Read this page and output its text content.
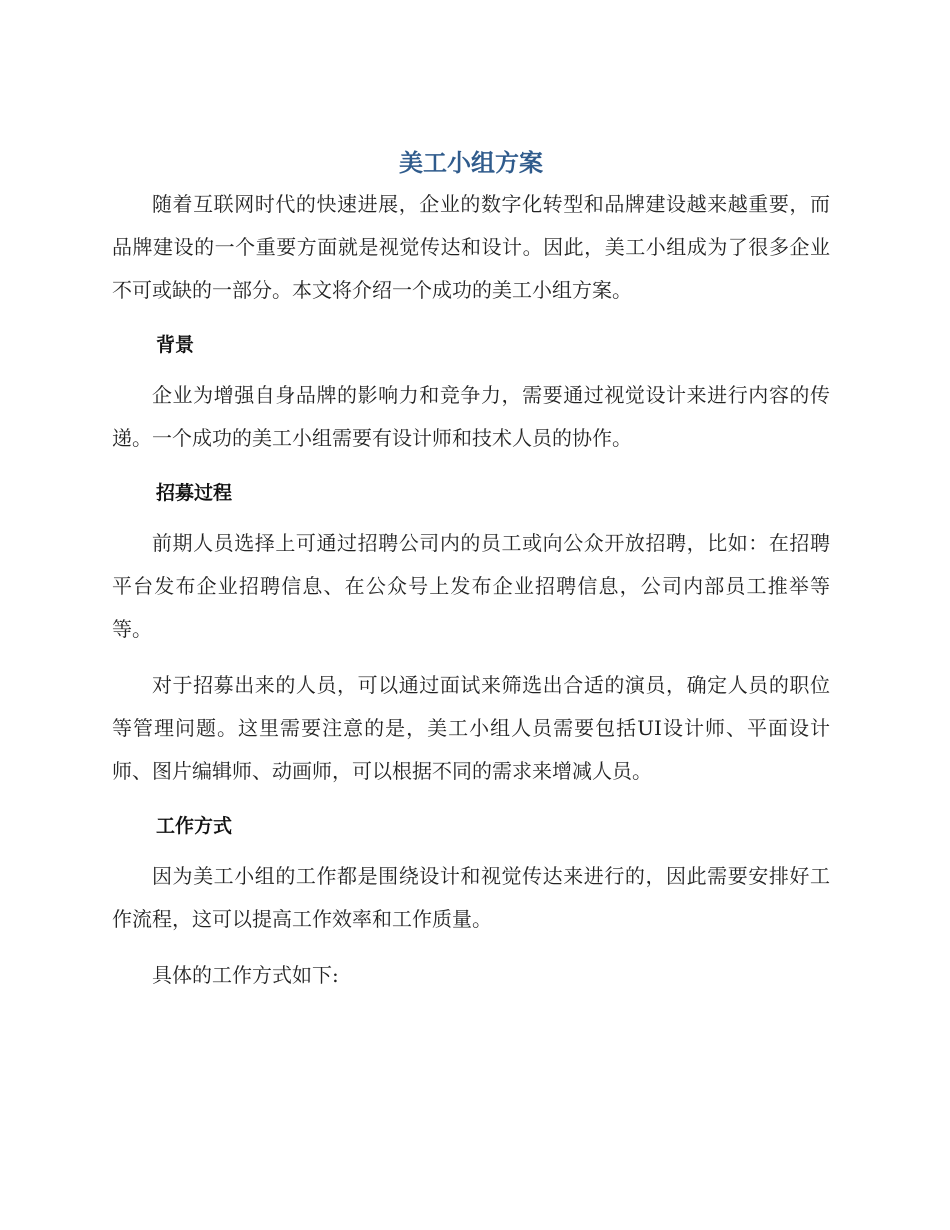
美工小组方案

随着互联网时代的快速进展，企业的数字化转型和品牌建设越来越重要，而品牌建设的一个重要方面就是视觉传达和设计。因此，美工小组成为了很多企业不可或缺的一部分。本文将介绍一个成功的美工小组方案。

背景

企业为增强自身品牌的影响力和竞争力，需要通过视觉设计来进行内容的传递。一个成功的美工小组需要有设计师和技术人员的协作。

招募过程

前期人员选择上可通过招聘公司内的员工或向公众开放招聘，比如：在招聘平台发布企业招聘信息、在公众号上发布企业招聘信息，公司内部员工推举等等。

对于招募出来的人员，可以通过面试来筛选出合适的演员，确定人员的职位等管理问题。这里需要注意的是，美工小组人员需要包括UI设计师、平面设计师、图片编辑师、动画师，可以根据不同的需求来增减人员。

工作方式

因为美工小组的工作都是围绕设计和视觉传达来进行的，因此需要安排好工作流程，这可以提高工作效率和工作质量。

具体的工作方式如下:
